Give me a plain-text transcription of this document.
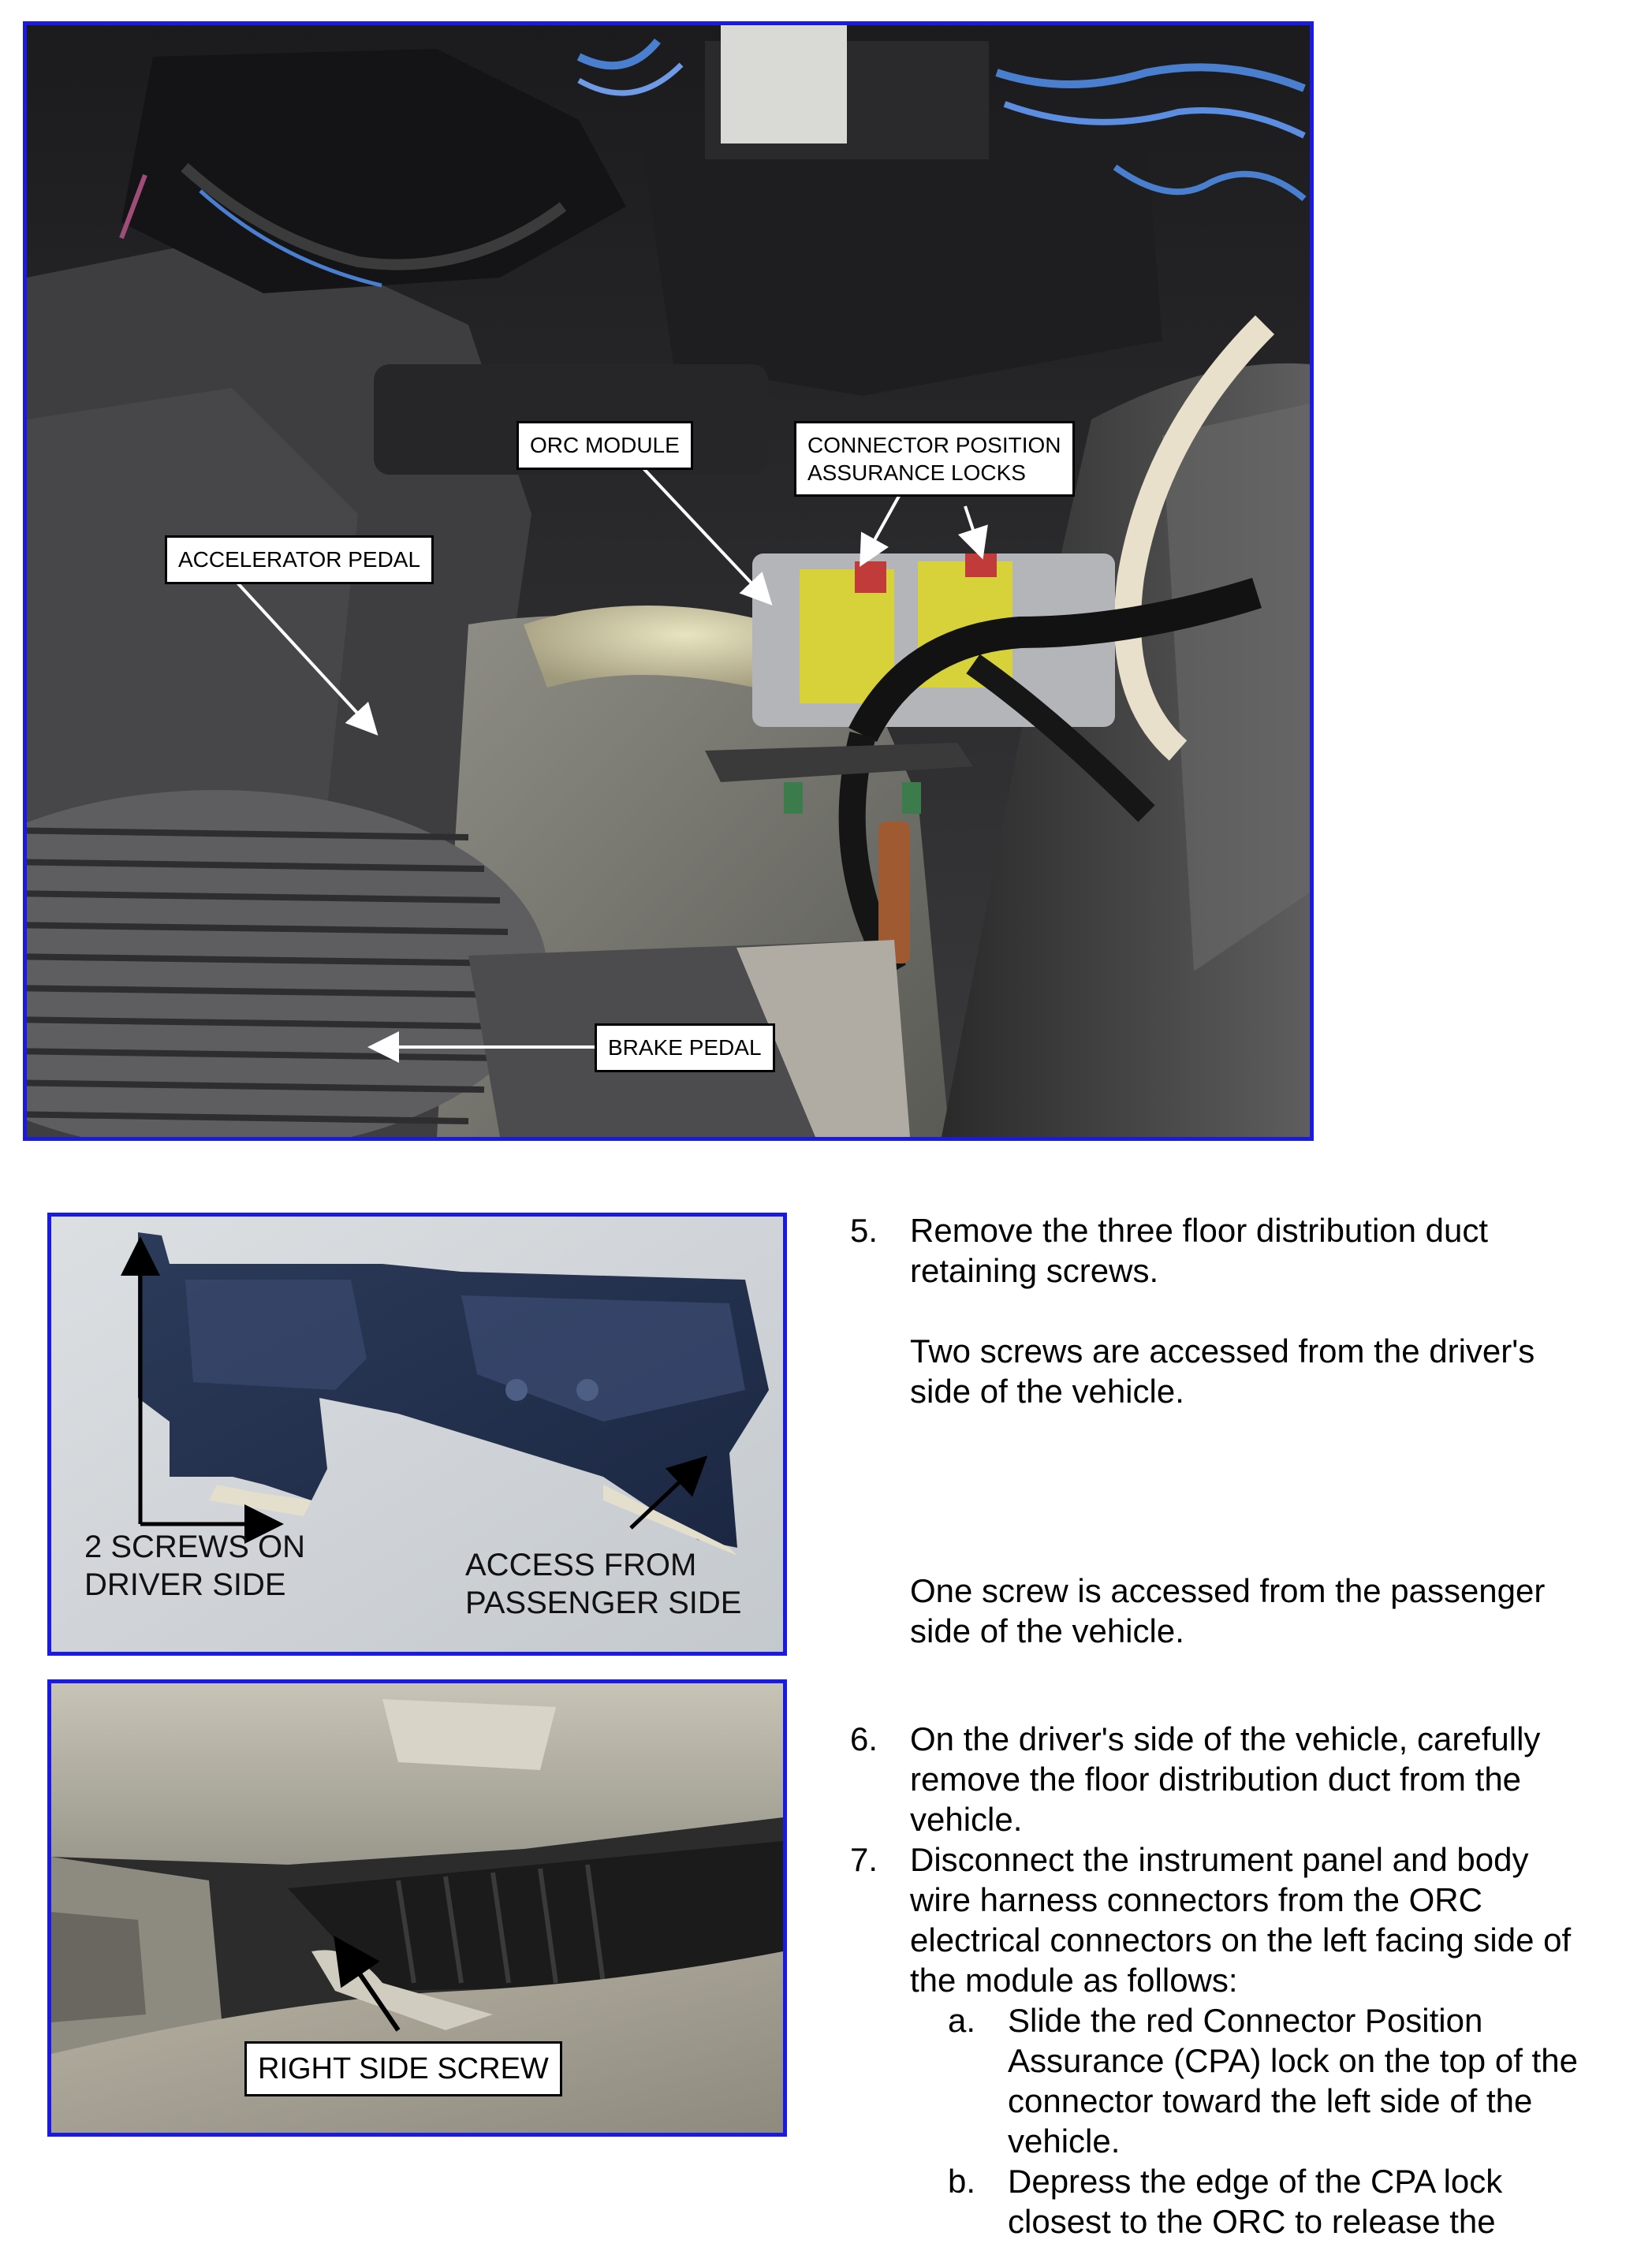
ORC MODULE	CONNECTOR POSITION
ASSURANCE LOCKS
ACCELERATOR PEDAL
BRAKE PEDAL
2 SCREWS ON
DRIVER SIDE
ACCESS FROM
PASSENGER SIDE
RIGHT SIDE SCREW
5. Remove the three floor distribution duct
retaining screws.
Two screws are accessed from the driver's
side of the vehicle.
One screw is accessed from the passenger
side of the vehicle.
6. On the driver's side of the vehicle, carefully
remove the floor distribution duct from the
vehicle.
7. Disconnect the instrument panel and body
wire harness connectors from the ORC
electrical connectors on the left facing side of
the module as follows:
a. Slide the red Connector Position
Assurance (CPA) lock on the top of the
connector toward the left side of the
vehicle.
b. Depress the edge of the CPA lock
closest to the ORC to release the
